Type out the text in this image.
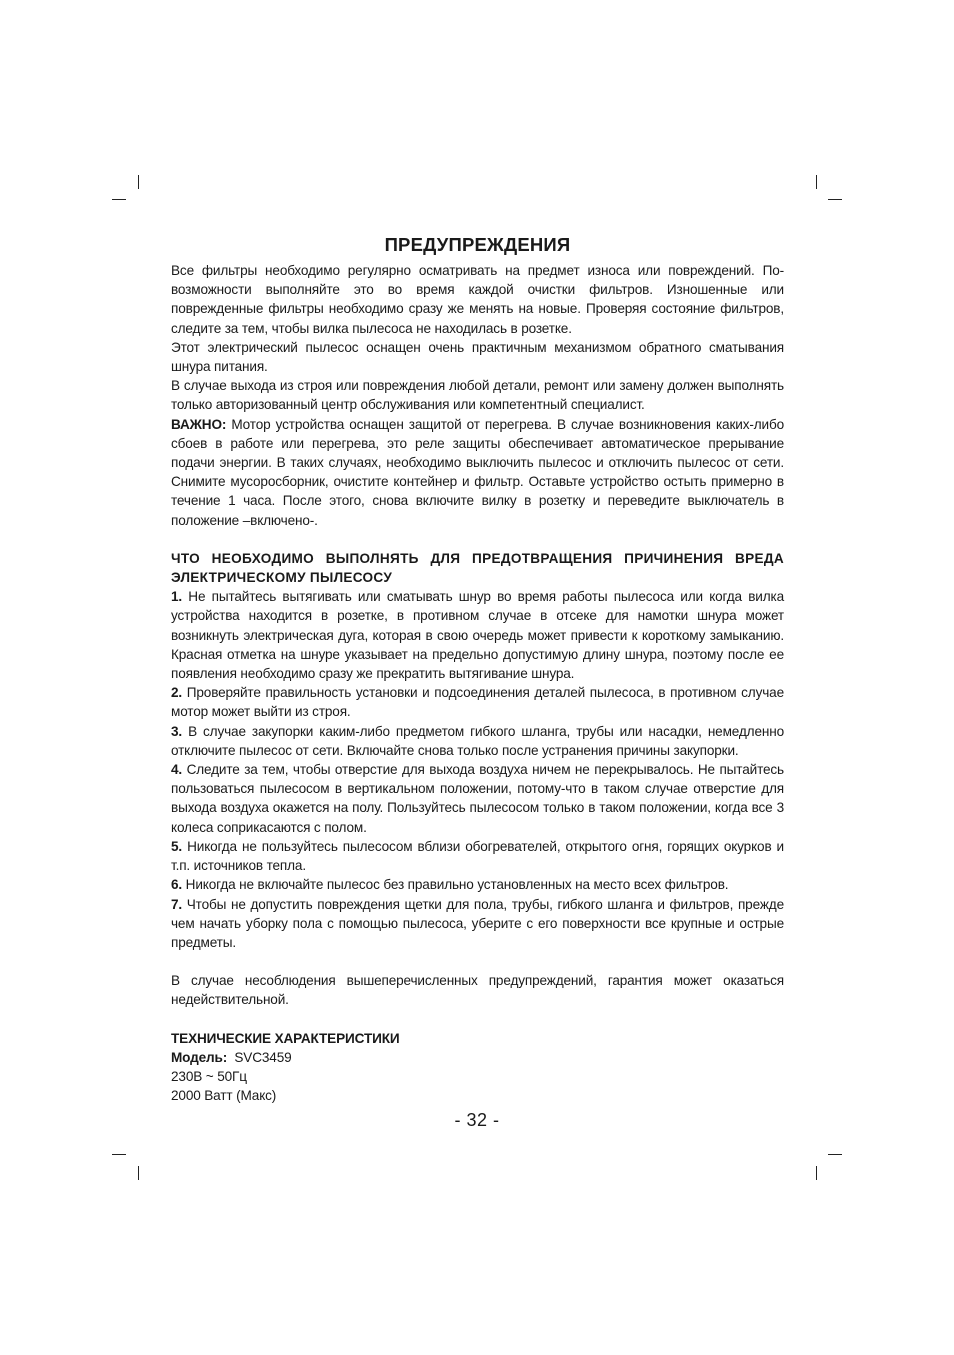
ПРЕДУПРЕЖДЕНИЯ

Все фильтры необходимо регулярно осматривать на предмет износа или повреждений. По-возможности выполняйте это во время каждой очистки фильтров. Изношенные или поврежденные фильтры необходимо сразу же менять на новые. Проверяя состояние фильтров, следите за тем, чтобы вилка пылесоса не находилась в розетке.

Этот электрический пылесос оснащен очень практичным механизмом обратного сматывания шнура питания.

В случае выхода из строя или повреждения любой детали, ремонт или замену должен выполнять только авторизованный центр обслуживания или компетентный специалист.

ВАЖНО: Мотор устройства оснащен защитой от перегрева. В случае возникновения каких-либо сбоев в работе или перегрева, это реле защиты обеспечивает автоматическое прерывание подачи энергии. В таких случаях, необходимо выключить пылесос и отключить пылесос от сети. Снимите мусоросборник, очистите контейнер и фильтр. Оставьте устройство остыть примерно в течение 1 часа. После этого, снова включите вилку в розетку и переведите выключатель в положение –включено-.

ЧТО НЕОБХОДИМО ВЫПОЛНЯТЬ ДЛЯ ПРЕДОТВРАЩЕНИЯ ПРИЧИНЕНИЯ ВРЕДА
ЭЛЕКТРИЧЕСКОМУ ПЫЛЕСОСУ

1. Не пытайтесь вытягивать или сматывать шнур во время работы пылесоса или когда вилка устройства находится в розетке, в противном случае в отсеке для намотки шнура может возникнуть электрическая дуга, которая в свою очередь может привести к короткому замыканию. Красная отметка на шнуре указывает на предельно допустимую длину шнура, поэтому после ее появления необходимо сразу же прекратить вытягивание шнура.

2. Проверяйте правильность установки и подсоединения деталей пылесоса, в противном случае мотор может выйти из строя.

3. В случае закупорки каким-либо предметом гибкого шланга, трубы или насадки, немедленно отключите пылесос от сети. Включайте снова только после устранения причины закупорки.

4. Следите за тем, чтобы отверстие для выхода воздуха ничем не перекрывалось. Не пытайтесь пользоваться пылесосом в вертикальном положении, потому-что в таком случае отверстие для выхода воздуха окажется на полу. Пользуйтесь пылесосом только в таком положении, когда все 3 колеса соприкасаются с полом.

5. Никогда не пользуйтесь пылесосом вблизи обогревателей, открытого огня, горящих окурков и т.п. источников тепла.

6. Никогда не включайте пылесос без правильно установленных на место всех фильтров.

7. Чтобы не допустить повреждения щетки для пола, трубы, гибкого шланга и фильтров, прежде чем начать уборку пола с помощью пылесоса, уберите с его поверхности все крупные и острые предметы.

В случае несоблюдения вышеперечисленных предупреждений, гарантия может оказаться недействительной.

ТЕХНИЧЕСКИЕ ХАРАКТЕРИСТИКИ
Модель: SVC3459
230В ~ 50Гц
2000 Ватт (Макс)
- 32 -
